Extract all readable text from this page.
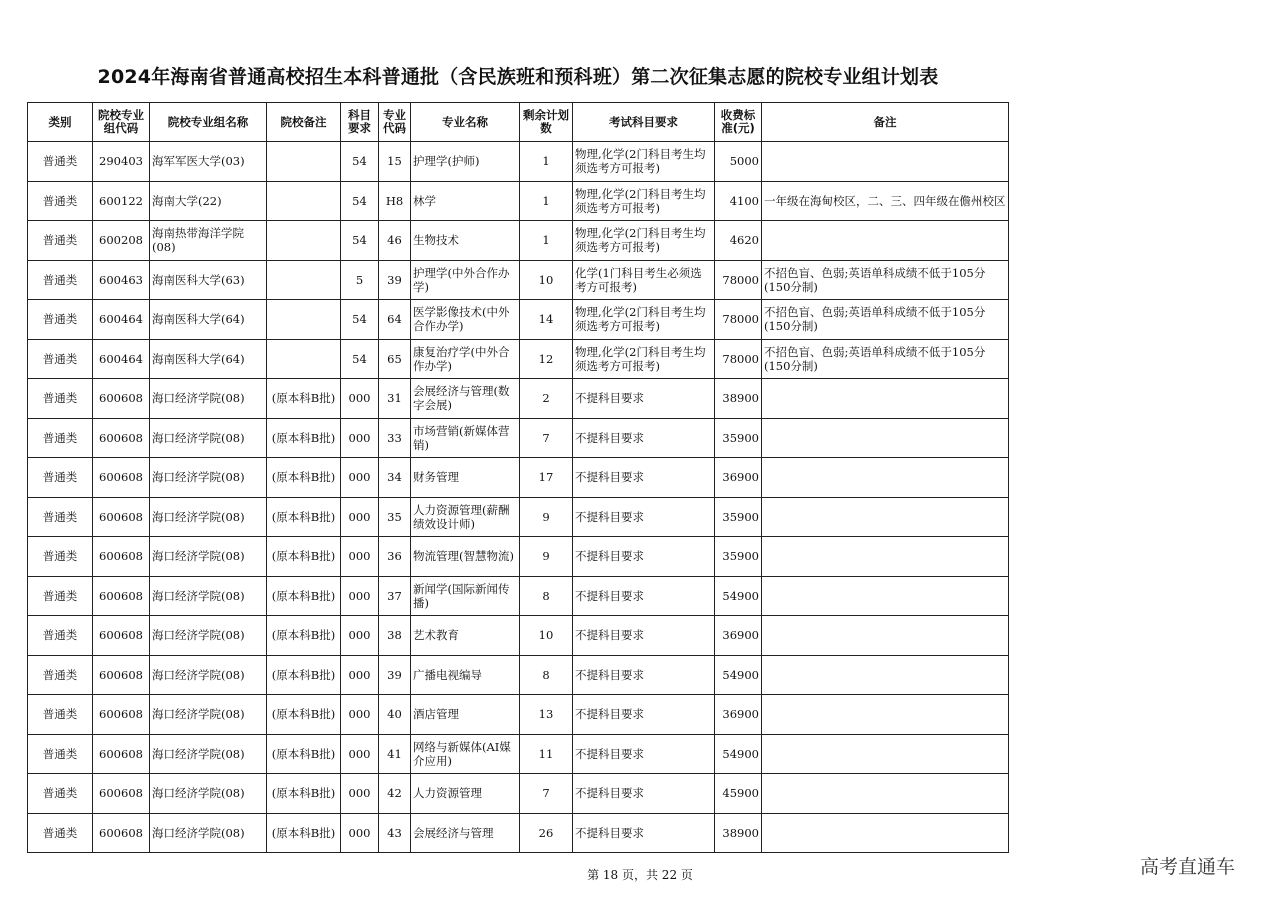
2024年海南省普通高校招生本科普通批（含民族班和预科班）第二次征集志愿的院校专业组计划表
类别	院校专业组代码	院校专业组名称	院校备注	科目要求	专业代码	专业名称	剩余计划数	考试科目要求	收费标准(元)	备注
普通类	290403	海军军医大学(03)		54	15	护理学(护师)	1	物理,化学(2门科目考生均须选考方可报考)	5000	
普通类	600122	海南大学(22)		54	H8	林学	1	物理,化学(2门科目考生均须选考方可报考)	4100	一年级在海甸校区，二、三、四年级在儋州校区
普通类	600208	海南热带海洋学院(08)		54	46	生物技术	1	物理,化学(2门科目考生均须选考方可报考)	4620	
普通类	600463	海南医科大学(63)		5	39	护理学(中外合作办学)	10	化学(1门科目考生必须选考方可报考)	78000	不招色盲、色弱;英语单科成绩不低于105分(150分制)
普通类	600464	海南医科大学(64)		54	64	医学影像技术(中外合作办学)	14	物理,化学(2门科目考生均须选考方可报考)	78000	不招色盲、色弱;英语单科成绩不低于105分(150分制)
普通类	600464	海南医科大学(64)		54	65	康复治疗学(中外合作办学)	12	物理,化学(2门科目考生均须选考方可报考)	78000	不招色盲、色弱;英语单科成绩不低于105分(150分制)
普通类	600608	海口经济学院(08)	(原本科B批)	000	31	会展经济与管理(数字会展)	2	不提科目要求	38900	
普通类	600608	海口经济学院(08)	(原本科B批)	000	33	市场营销(新媒体营销)	7	不提科目要求	35900	
普通类	600608	海口经济学院(08)	(原本科B批)	000	34	财务管理	17	不提科目要求	36900	
普通类	600608	海口经济学院(08)	(原本科B批)	000	35	人力资源管理(薪酬绩效设计师)	9	不提科目要求	35900	
普通类	600608	海口经济学院(08)	(原本科B批)	000	36	物流管理(智慧物流)	9	不提科目要求	35900	
普通类	600608	海口经济学院(08)	(原本科B批)	000	37	新闻学(国际新闻传播)	8	不提科目要求	54900	
普通类	600608	海口经济学院(08)	(原本科B批)	000	38	艺术教育	10	不提科目要求	36900	
普通类	600608	海口经济学院(08)	(原本科B批)	000	39	广播电视编导	8	不提科目要求	54900	
普通类	600608	海口经济学院(08)	(原本科B批)	000	40	酒店管理	13	不提科目要求	36900	
普通类	600608	海口经济学院(08)	(原本科B批)	000	41	网络与新媒体(AI媒介应用)	11	不提科目要求	54900	
普通类	600608	海口经济学院(08)	(原本科B批)	000	42	人力资源管理	7	不提科目要求	45900	
普通类	600608	海口经济学院(08)	(原本科B批)	000	43	会展经济与管理	26	不提科目要求	38900	
第 18 页，共 22 页	高考直通车
